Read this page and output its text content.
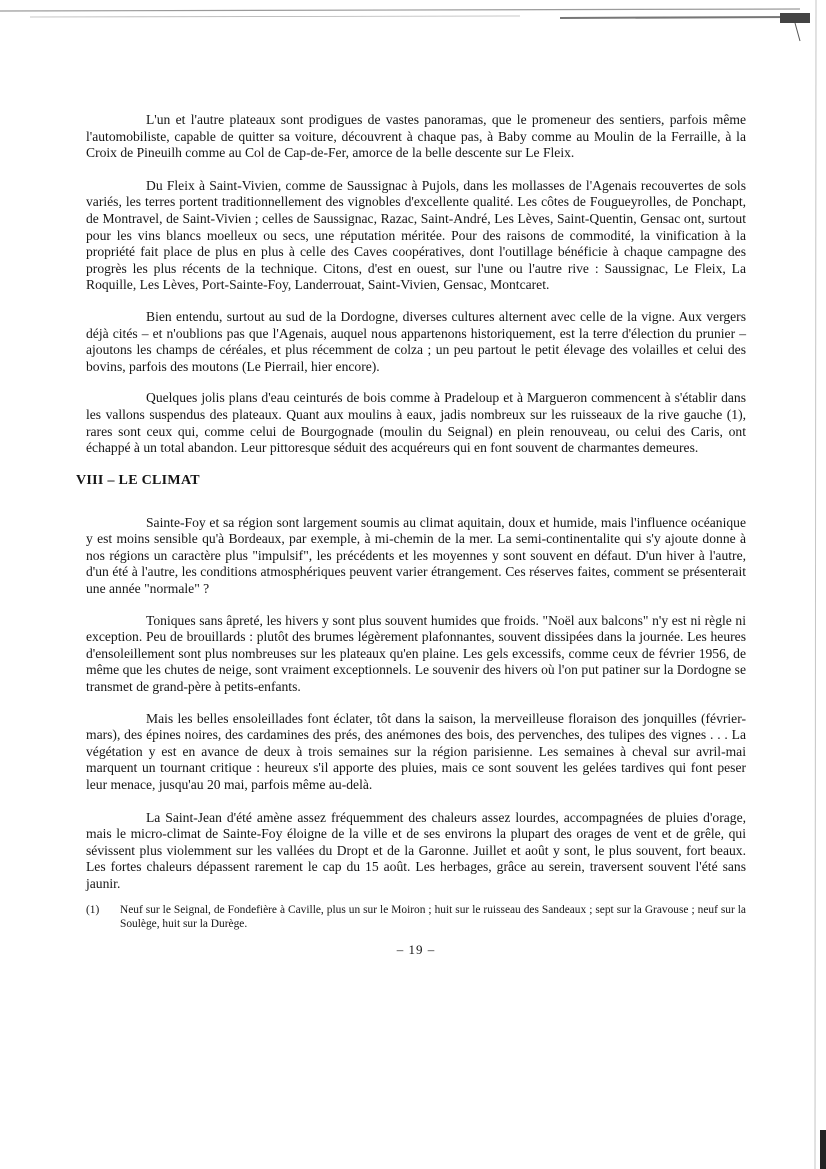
L'un et l'autre plateaux sont prodigues de vastes panoramas, que le promeneur des sentiers, parfois même l'automobiliste, capable de quitter sa voiture, découvrent à chaque pas, à Baby comme au Moulin de la Ferraille, à la Croix de Pineuilh comme au Col de Cap-de-Fer, amorce de la belle descente sur Le Fleix.

Du Fleix à Saint-Vivien, comme de Saussignac à Pujols, dans les mollasses de l'Agenais recouvertes de sols variés, les terres portent traditionnellement des vignobles d'excellente qualité. Les côtes de Fougueyrolles, de Ponchapt, de Montravel, de Saint-Vivien ; celles de Saussignac, Razac, Saint-André, Les Lèves, Saint-Quentin, Gensac ont, surtout pour les vins blancs moelleux ou secs, une réputation méritée. Pour des raisons de commodité, la vinification à la propriété fait place de plus en plus à celle des Caves coopératives, dont l'outillage bénéficie à chaque campagne des progrès les plus récents de la technique. Citons, d'est en ouest, sur l'une ou l'autre rive : Saussignac, Le Fleix, La Roquille, Les Lèves, Port-Sainte-Foy, Landerrouat, Saint-Vivien, Gensac, Montcaret.

Bien entendu, surtout au sud de la Dordogne, diverses cultures alternent avec celle de la vigne. Aux vergers déjà cités – et n'oublions pas que l'Agenais, auquel nous appartenons historiquement, est la terre d'élection du prunier – ajoutons les champs de céréales, et plus récemment de colza ; un peu partout le petit élevage des volailles et celui des bovins, parfois des moutons (Le Pierrail, hier encore).

Quelques jolis plans d'eau ceinturés de bois comme à Pradeloup et à Margueron commencent à s'établir dans les vallons suspendus des plateaux. Quant aux moulins à eaux, jadis nombreux sur les ruisseaux de la rive gauche (1), rares sont ceux qui, comme celui de Bourgognade (moulin du Seignal) en plein renouveau, ou celui des Caris, ont échappé à un total abandon. Leur pittoresque séduit des acquéreurs qui en font souvent de charmantes demeures.

VIII – LE CLIMAT

Sainte-Foy et sa région sont largement soumis au climat aquitain, doux et humide, mais l'influence océanique y est moins sensible qu'à Bordeaux, par exemple, à mi-chemin de la mer. La semi-continentalite qui s'y ajoute donne à nos régions un caractère plus "impulsif", les précédents et les moyennes y sont souvent en défaut. D'un hiver à l'autre, d'un été à l'autre, les conditions atmosphériques peuvent varier étrangement. Ces réserves faites, comment se présenterait une année "normale" ?

Toniques sans âpreté, les hivers y sont plus souvent humides que froids. "Noël aux balcons" n'y est ni règle ni exception. Peu de brouillards : plutôt des brumes légèrement plafonnantes, souvent dissipées dans la journée. Les heures d'ensoleillement sont plus nombreuses sur les plateaux qu'en plaine. Les gels excessifs, comme ceux de février 1956, de même que les chutes de neige, sont vraiment exceptionnels. Le souvenir des hivers où l'on put patiner sur la Dordogne se transmet de grand-père à petits-enfants.

Mais les belles ensoleillades font éclater, tôt dans la saison, la merveilleuse floraison des jonquilles (février-mars), des épines noires, des cardamines des prés, des anémones des bois, des pervenches, des tulipes des vignes . . . La végétation y est en avance de deux à trois semaines sur la région parisienne. Les semaines à cheval sur avril-mai marquent un tournant critique : heureux s'il apporte des pluies, mais ce sont souvent les gelées tardives qui font peser leur menace, jusqu'au 20 mai, parfois même au-delà.

La Saint-Jean d'été amène assez fréquemment des chaleurs assez lourdes, accompagnées de pluies d'orage, mais le micro-climat de Sainte-Foy éloigne de la ville et de ses environs la plupart des orages de vent et de grêle, qui sévissent plus violemment sur les vallées du Dropt et de la Garonne. Juillet et août y sont, le plus souvent, fort beaux. Les fortes chaleurs dépassent rarement le cap du 15 août. Les herbages, grâce au serein, traversent souvent l'été sans jaunir.

(1)	Neuf sur le Seignal, de Fondefière à Caville, plus un sur le Moiron ; huit sur le ruisseau des Sandeaux ; sept sur la Gravouse ; neuf sur la Soulège, huit sur la Durège.
– 19 –
